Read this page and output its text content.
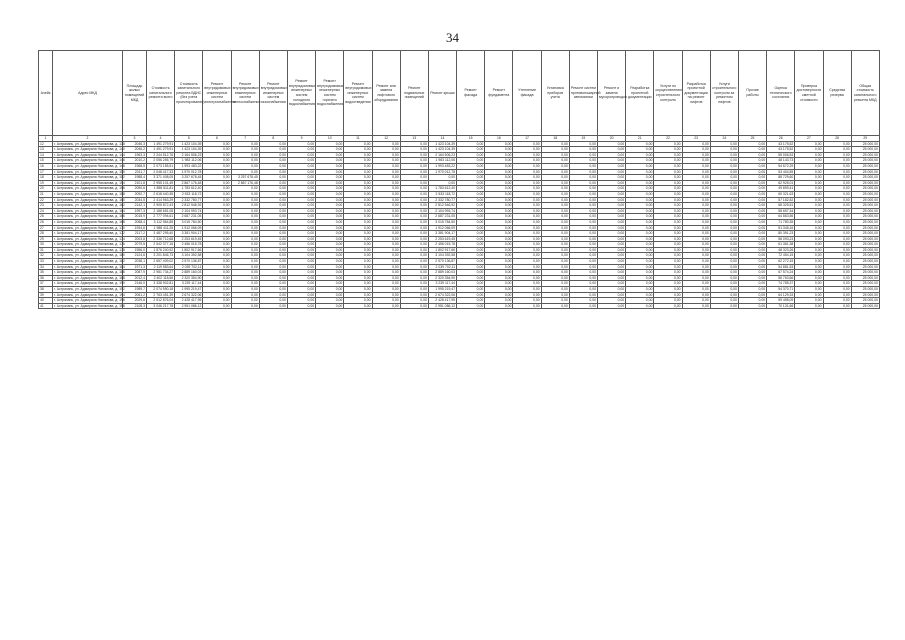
34
Ачейк	Адрес МКД	Площадь жилых помещений МКД	Стоимость капитального ремонта всего	Стоимость капитального ремонта ВДИС (без учета проектирования)	Ремонт внутридомовых инженерных систем электроснабжения	Ремонт внутридомовых инженерных систем теплоснабжения	Ремонт внутридомовых инженерных систем газоснабжения	Ремонт внутридомовых инженерных систем холодного водоснабжения	Ремонт внутридомовых инженерных систем горячего водоснабжения	Ремонт внутридомовых инженерных систем водоотведения	Ремонт или замена лифтового оборудования	Ремонт подвальных помещений	Ремонт крыши	Ремонт фасада	Ремонт фундамента	Утепление фасада	Установка приборов учета	Ремонт систем противопожарной автоматики	Ремонт и замена мусоропроводов	Разработка проектной документации	Услуги по осуществлению строительного контроля	Разработка проектной документации на ремонт лифтов	Услуги строительного контроля за ремонтом лифтов	Прочие работы	Оценка технического состояния	Проверка достоверности сметной стоимости	Средства резерва	Общая стоимость капитального ремонта МКД
1	2	3	4	5	6	7	8	9	10	11	12	13	14	15	16	17	18	19	20	21	22	23	24	25	26	27	28	29
12	г. Астрахань, ул. Адмирала Нахимова, д. 138	2046,3	1 491 279,91	1 423 104,39	0,00	0,00	0,00	0,00	0,00	0,00	0,00	0,00	1 423 104,39	0,00	0,00	0,00	0,00	0,00	0,00	0,00	0,00	0,00	0,00	0,00	43 175,52	0,00	0,00	25 000,00
13	г. Астрахань, ул. Адмирала Нахимова, д. 140	2046,2	1 491 279,91	1 423 104,39	0,00	0,00	0,00	0,00	0,00	0,00	0,00	0,00	1 423 104,39	0,00	0,00	0,00	0,00	0,00	0,00	0,00	0,00	0,00	0,00	0,00	43 175,52	0,00	0,00	25 000,00
14	г. Астрахань, ул. Адмирала Нахимова, д. 144	1963,3	2 244 512,76	2 164 506,23	0,00	0,00	0,00	0,00	0,00	0,00	0,00	0,00	2 164 506,23	0,00	0,00	0,00	0,00	0,00	0,00	0,00	0,00	0,00	0,00	0,00	55 006,53	0,00	0,00	25 000,00
15	г. Астрахань, ул. Адмирала Нахимова, д. 146	2010,2	2 056 255,79	1 983 112,06	0,00	0,00	0,00	0,00	0,00	0,00	0,00	0,00	1 983 112,06	0,00	0,00	0,00	0,00	0,00	0,00	0,00	0,00	0,00	0,00	0,00	48 143,73	0,00	0,00	25 000,00
16	г. Астрахань, ул. Адмирала Нахимова, д. 148	1968,5	2 073 155,51	1 993 483,22	0,00	0,00	0,00	0,00	0,00	0,00	0,00	0,00	1 993 483,22	0,00	0,00	0,00	0,00	0,00	0,00	0,00	0,00	0,00	0,00	0,00	54 672,29	0,00	0,00	25 000,00
17	г. Астрахань, ул. Адмирала Нахимова, д. 150	2011,7	2 048 417,33	1 970 012,78	0,00	0,00	0,00	0,00	0,00	0,00	0,00	0,00	1 970 012,78	0,00	0,00	0,00	0,00	0,00	0,00	0,00	0,00	0,00	0,00	0,00	53 404,55	0,00	0,00	25 000,00
18	г. Астрахань, ул. Адмирала Нахимова, д. 152	1988,4	3 371 408,05	3 257 678,45	0,00	3 257 678,45	0,00	0,00	0,00	0,00	0,00	0,00	0,00	0,00	0,00	0,00	0,00	0,00	0,00	0,00	0,00	0,00	0,00	0,00	88 729,60	0,00	0,00	25 000,00
19	г. Астрахань, ул. Адмирала Нахимова, д. 154	2101,8	2 955 101,49	2 867 176,48	0,00	2 867 176,48	0,00	0,00	0,00	0,00	0,00	0,00	0,00	0,00	0,00	0,00	0,00	0,00	0,00	0,00	0,00	0,00	0,00	0,00	62 925,01	0,00	0,00	25 000,00
20	г. Астрахань, ул. Адмирала Нахимова, д. 156	2050,6	1 858 511,81	1 783 612,40	0,00	0,00	0,00	0,00	0,00	0,00	0,00	0,00	1 783 612,40	0,00	0,00	0,00	0,00	0,00	0,00	0,00	0,00	0,00	0,00	0,00	49 899,41	0,00	0,00	25 000,00
21	г. Астрахань, ул. Адмирала Нахимова, д. 158	2092,7	2 618 440,35	2 533 118,72	0,00	0,00	0,00	0,00	0,00	0,00	0,00	0,00	2 533 118,72	0,00	0,00	0,00	0,00	0,00	0,00	0,00	0,00	0,00	0,00	0,00	60 321,63	0,00	0,00	25 000,00
22	г. Астрахань, ул. Адмирала Нахимова, д. 160	2034,5	2 414 963,29	2 332 780,77	0,00	0,00	0,00	0,00	0,00	0,00	0,00	0,00	2 332 780,77	0,00	0,00	0,00	0,00	0,00	0,00	0,00	0,00	0,00	0,00	0,00	57 182,52	0,00	0,00	25 000,00
23	г. Астрахань, ул. Адмирала Нахимова, д. 162	2142,1	2 905 872,43	2 812 546,92	0,00	0,00	0,00	0,00	0,00	0,00	0,00	0,00	2 812 546,92	0,00	0,00	0,00	0,00	0,00	0,00	0,00	0,00	0,00	0,00	0,00	68 325,51	0,00	0,00	25 000,00
24	г. Астрахань, ул. Адмирала Нахимова, д. 164	1997,3	2 188 651,08	2 104 993,74	0,00	0,00	0,00	0,00	0,00	0,00	0,00	0,00	2 104 993,74	0,00	0,00	0,00	0,00	0,00	0,00	0,00	0,00	0,00	0,00	0,00	58 657,34	0,00	0,00	25 000,00
25	г. Астрахань, ул. Адмирала Нахимова, д. 166	2015,9	2 777 094,61	2 687 231,05	0,00	0,00	0,00	0,00	0,00	0,00	0,00	0,00	2 687 231,05	0,00	0,00	0,00	0,00	0,00	0,00	0,00	0,00	0,00	0,00	0,00	64 863,56	0,00	0,00	25 000,00
26	г. Астрахань, ул. Адмирала Нахимова, д. 168	2068,4	3 112 564,85	3 015 784,50	0,00	0,00	0,00	0,00	0,00	0,00	0,00	0,00	3 015 784,50	0,00	0,00	0,00	0,00	0,00	0,00	0,00	0,00	0,00	0,00	0,00	71 780,35	0,00	0,00	25 000,00
27	г. Астрахань, ул. Адмирала Нахимова, д. 170	1934,6	1 988 411,25	1 912 066,09	0,00	0,00	0,00	0,00	0,00	0,00	0,00	0,00	1 912 066,09	0,00	0,00	0,00	0,00	0,00	0,00	0,00	0,00	0,00	0,00	0,00	51 345,16	0,00	0,00	25 000,00
28	г. Астрахань, ул. Адмирала Нахимова, д. 172	2117,2	3 487 295,40	3 381 904,17	0,00	0,00	0,00	0,00	0,00	0,00	0,00	0,00	3 381 904,17	0,00	0,00	0,00	0,00	0,00	0,00	0,00	0,00	0,00	0,00	0,00	80 391,23	0,00	0,00	25 000,00
29	г. Астрахань, ул. Адмирала Нахимова, д. 174	2003,8	2 336 712,68	2 253 619,45	0,00	0,00	0,00	0,00	0,00	0,00	0,00	0,00	2 253 619,45	0,00	0,00	0,00	0,00	0,00	0,00	0,00	0,00	0,00	0,00	0,00	58 093,23	0,00	0,00	25 000,00
30	г. Астрахань, ул. Адмирала Нахимова, д. 176	2079,5	2 542 377,16	2 456 015,78	0,00	0,00	0,00	0,00	0,00	0,00	0,00	0,00	2 456 015,78	0,00	0,00	0,00	0,00	0,00	0,00	0,00	0,00	0,00	0,00	0,00	61 361,38	0,00	0,00	25 000,00
31	г. Астрахань, ул. Адмирала Нахимова, д. 178	1956,0	1 876 240,92	1 802 917,66	0,00	0,00	0,00	0,00	0,00	0,00	0,00	0,00	1 802 917,66	0,00	0,00	0,00	0,00	0,00	0,00	0,00	0,00	0,00	0,00	0,00	48 323,26	0,00	0,00	25 000,00
32	г. Астрахань, ул. Адмирала Нахимова, д. 180	2124,6	3 201 846,73	3 104 392,58	0,00	0,00	0,00	0,00	0,00	0,00	0,00	0,00	3 104 392,58	0,00	0,00	0,00	0,00	0,00	0,00	0,00	0,00	0,00	0,00	0,00	72 454,15	0,00	0,00	25 000,00
33	г. Астрахань, ул. Адмирала Нахимова, д. 182	2038,1	2 657 409,02	2 570 136,87	0,00	0,00	0,00	0,00	0,00	0,00	0,00	0,00	2 570 136,87	0,00	0,00	0,00	0,00	0,00	0,00	0,00	0,00	0,00	0,00	0,00	62 272,15	0,00	0,00	25 000,00
34	г. Астрахань, ул. Адмирала Нахимова, д. 184	1971,3	2 119 583,64	2 039 702,11	0,00	0,00	0,00	0,00	0,00	0,00	0,00	0,00	2 039 702,11	0,00	0,00	0,00	0,00	0,00	0,00	0,00	0,00	0,00	0,00	0,00	54 881,53	0,00	0,00	25 000,00
35	г. Астрахань, ул. Адмирала Нахимова, д. 186	2087,9	2 981 734,27	2 889 160,03	0,00	0,00	0,00	0,00	0,00	0,00	0,00	0,00	2 889 160,03	0,00	0,00	0,00	0,00	0,00	0,00	0,00	0,00	0,00	0,00	0,00	67 574,24	0,00	0,00	25 000,00
36	г. Астрахань, ул. Адмирала Нахимова, д. 188	2012,4	2 402 118,56	2 320 354,90	0,00	0,00	0,00	0,00	0,00	0,00	0,00	0,00	2 320 354,90	0,00	0,00	0,00	0,00	0,00	0,00	0,00	0,00	0,00	0,00	0,00	56 763,66	0,00	0,00	25 000,00
37	г. Астрахань, ул. Адмирала Нахимова, д. 190	2146,0	3 338 902,81	3 239 117,44	0,00	0,00	0,00	0,00	0,00	0,00	0,00	0,00	3 239 117,44	0,00	0,00	0,00	0,00	0,00	0,00	0,00	0,00	0,00	0,00	0,00	74 785,37	0,00	0,00	25 000,00
38	г. Астрахань, ул. Адмирала Нахимова, д. 192	1989,7	2 074 590,18	1 995 219,47	0,00	0,00	0,00	0,00	0,00	0,00	0,00	0,00	1 995 219,47	0,00	0,00	0,00	0,00	0,00	0,00	0,00	0,00	0,00	0,00	0,00	54 370,71	0,00	0,00	25 000,00
39	г. Астрахань, ул. Адмирала Нахимова, д. 194	2061,2	2 763 451,39	2 674 322,06	0,00	0,00	0,00	0,00	0,00	0,00	0,00	0,00	2 674 322,06	0,00	0,00	0,00	0,00	0,00	0,00	0,00	0,00	0,00	0,00	0,00	64 129,33	0,00	0,00	25 000,00
40	г. Астрахань, ул. Адмирала Нахимова, д. 196	2029,6	2 512 876,04	2 428 417,95	0,00	0,00	0,00	0,00	0,00	0,00	0,00	0,00	2 428 417,95	0,00	0,00	0,00	0,00	0,00	0,00	0,00	0,00	0,00	0,00	0,00	59 458,09	0,00	0,00	25 000,00
41	г. Астрахань, ул. Адмирала Нахимова, д. 198	2108,3	3 046 217,78	2 951 086,12	0,00	0,00	0,00	0,00	0,00	0,00	0,00	0,00	2 951 086,12	0,00	0,00	0,00	0,00	0,00	0,00	0,00	0,00	0,00	0,00	0,00	70 131,66	0,00	0,00	25 000,00
